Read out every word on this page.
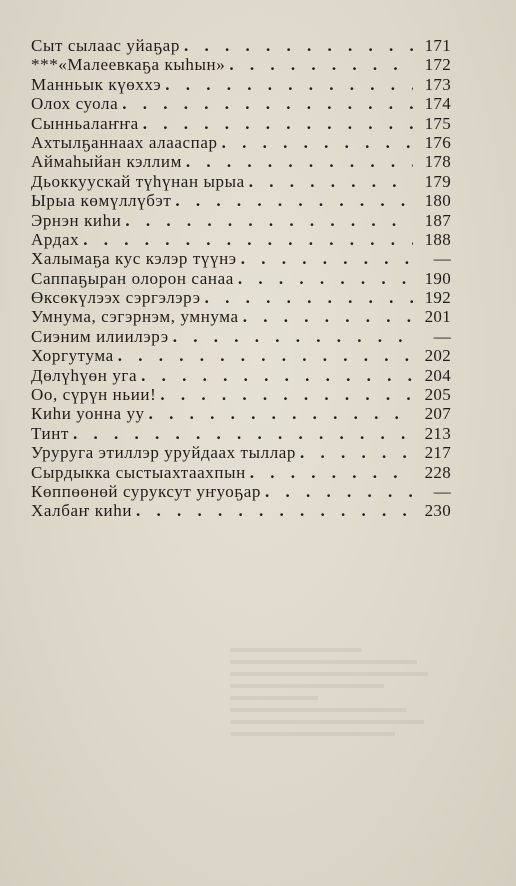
Сыт сылаас уйаҕар . . .	171
***«Малеевкаҕа кыһын» . . .	172
Манньык күөххэ . . .	173
Олох суола . . .	174
Сынньалаҥҥа . . .	175
Ахтылҕаннаах алааспар . . .	176
Аймаһыйан кэллим . . .	178
Дьоккуускай түһүнан ырыа . . .	179
Ырыа көмүллүбэт . . .	180
Эрнэн киһи . . .	187
Ардах . . .	188
Халымаҕа кус кэлэр түүнэ . . .	—
Саппаҕыран олорон санаа . . .	190
Өксөкүлээх сэргэлэрэ . . .	192
Умнума, сэгэрнэм, умнума . . .	201
Сиэним илиилэрэ . . .	—
Хоргутума . . .	202
Дөлүһүөн уга . . .	204
Оо, сүрүн ньии! . . .	205
Киһи уонна уу . . .	207
Тинт . . .	213
Уруруга этиллэр уруйдаах тыллар . . .	217
Сырдыкка сыстыахтаахпын . . .	228
Көппөөнөй суруксут уҥуоҕар . . .	—
Халбаҥ киһи . . .	230
